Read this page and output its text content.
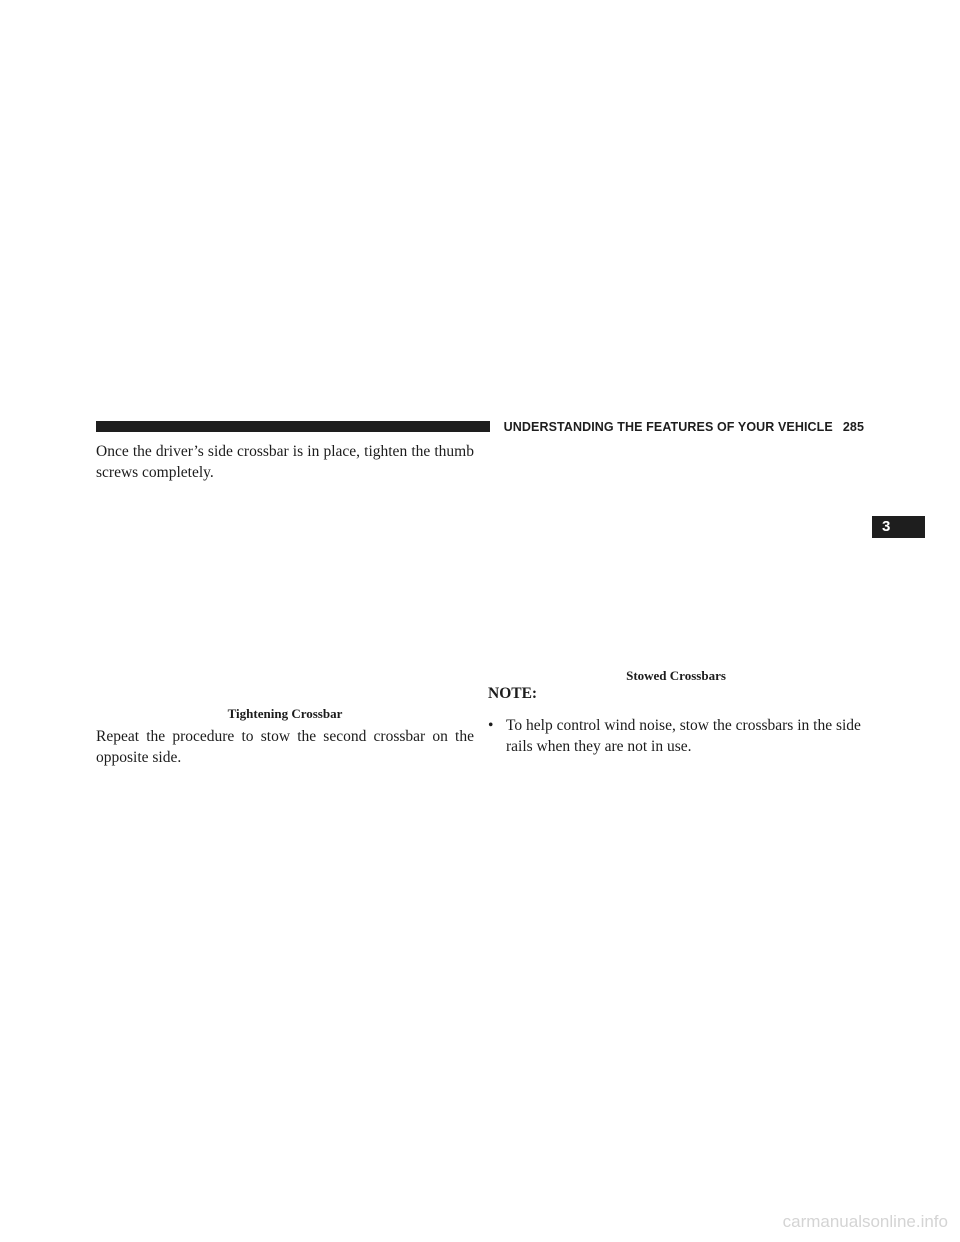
UNDERSTANDING THE FEATURES OF YOUR VEHICLE 285
3
Once the driver’s side crossbar is in place, tighten the thumb screws completely.
Tightening Crossbar
Repeat the procedure to stow the second crossbar on the opposite side.
Stowed Crossbars
NOTE:
• To help control wind noise, stow the crossbars in the side rails when they are not in use.
carmanualsonline.info
